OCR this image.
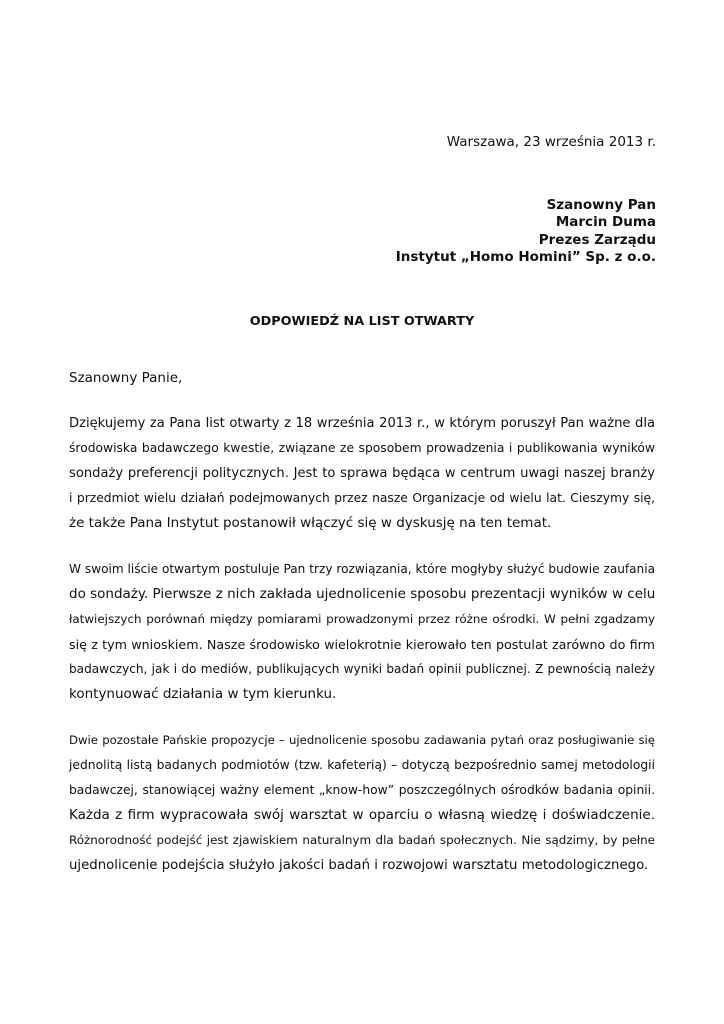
Warszawa, 23 września 2013 r.
Szanowny Pan
Marcin Duma
Prezes Zarządu
Instytut „Homo Homini” Sp. z o.o.
ODPOWIEDŹ NA LIST OTWARTY
Szanowny Panie,
Dziękujemy za Pana list otwarty z 18 września 2013 r., w którym poruszył Pan ważne dla
środowiska badawczego kwestie, związane ze sposobem prowadzenia i publikowania wyników
sondaży preferencji politycznych. Jest to sprawa będąca w centrum uwagi naszej branży
i przedmiot wielu działań podejmowanych przez nasze Organizacje od wielu lat. Cieszymy się,
że także Pana Instytut postanowił włączyć się w dyskusję na ten temat.
W swoim liście otwartym postuluje Pan trzy rozwiązania, które mogłyby służyć budowie zaufania
do sondaży. Pierwsze z nich zakłada ujednolicenie sposobu prezentacji wyników w celu
łatwiejszych porównań między pomiarami prowadzonymi przez różne ośrodki. W pełni zgadzamy
się z tym wnioskiem. Nasze środowisko wielokrotnie kierowało ten postulat zarówno do firm
badawczych, jak i do mediów, publikujących wyniki badań opinii publicznej. Z pewnością należy
kontynuować działania w tym kierunku.
Dwie pozostałe Pańskie propozycje – ujednolicenie sposobu zadawania pytań oraz posługiwanie się
jednolitą listą badanych podmiotów (tzw. kafeterią) – dotyczą bezpośrednio samej metodologii
badawczej, stanowiącej ważny element „know-how” poszczególnych ośrodków badania opinii.
Każda z firm wypracowała swój warsztat w oparciu o własną wiedzę i doświadczenie.
Różnorodność podejść jest zjawiskiem naturalnym dla badań społecznych. Nie sądzimy, by pełne
ujednolicenie podejścia służyło jakości badań i rozwojowi warsztatu metodologicznego.
